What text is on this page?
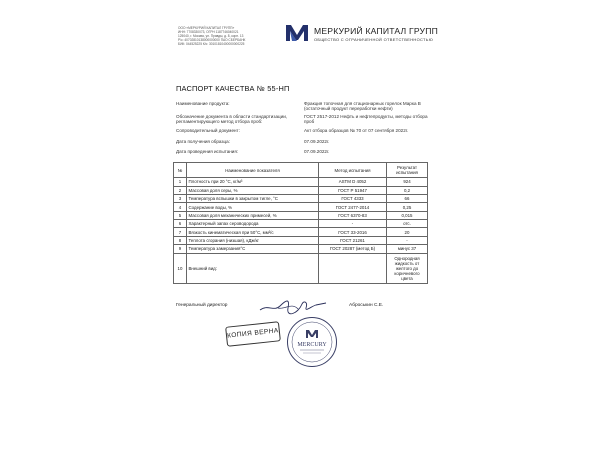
ООО «МЕРКУРИЙ КАПИТАЛ ГРУПП»
ИНН: 7708330073, ОГРН 1187746040021
125040, г. Москва, ул. Правды, д. 8, корп. 13
Р/с: 40702810138000000000 ПАО СБЕРБАНК
БИК: 044525225 К/с: 30101810400000000225
МЕРКУРИЙ КАПИТАЛ ГРУПП
ОБЩЕСТВО С ОГРАНИЧЕННОЙ ОТВЕТСТВЕННОСТЬЮ
ПАСПОРТ КАЧЕСТВА № 55-НП
Наименование продукта:	Фракция топочная для стационарных горелок Марка В (остаточный продукт переработки нефти)
Обозначение документа в области стандартизации, регламентирующего метод отбора проб:
ГОСТ 2517-2012 Нефть и нефтепродукты, методы отбора проб
Сопроводительный документ:	Акт отбора образцов № 70 от 07 сентября 2022г.
Дата получения образца:	07.09.2022г.
Дата проведения испытания:	07.09.2022г.
№	Наименование показателя	Метод испытания	Результат испытания
1	Плотность при 20 °С, кг/м³	ASTM D 4052	924
2	Массовая доля серы, %	ГОСТ Р 51947	0,2
3	Температура вспышки в закрытом тигле, °С	ГОСТ 4333	66
4	Содержание воды, %	ГОСТ 2477-2014	0,25
5	Массовая доля механических примесей, %	ГОСТ 6370-83	0,015
6	Характерный запах сероводорода	-	отс.
7	Вязкость кинематическая при 50°С, мм²/с	ГОСТ 33-2016	20
8	Теплота сгорания (низшая), кДж/кг	ГОСТ 21261	-
9	Температура замерзания°С	ГОСТ 20287 (метод Б)	минус 37
10	Внешний вид:		Однородная жидкость от желтого до коричневого цвета
Генеральный директор	Аброськин С.Е.
КОПИЯ ВЕРНА
MERCURY
